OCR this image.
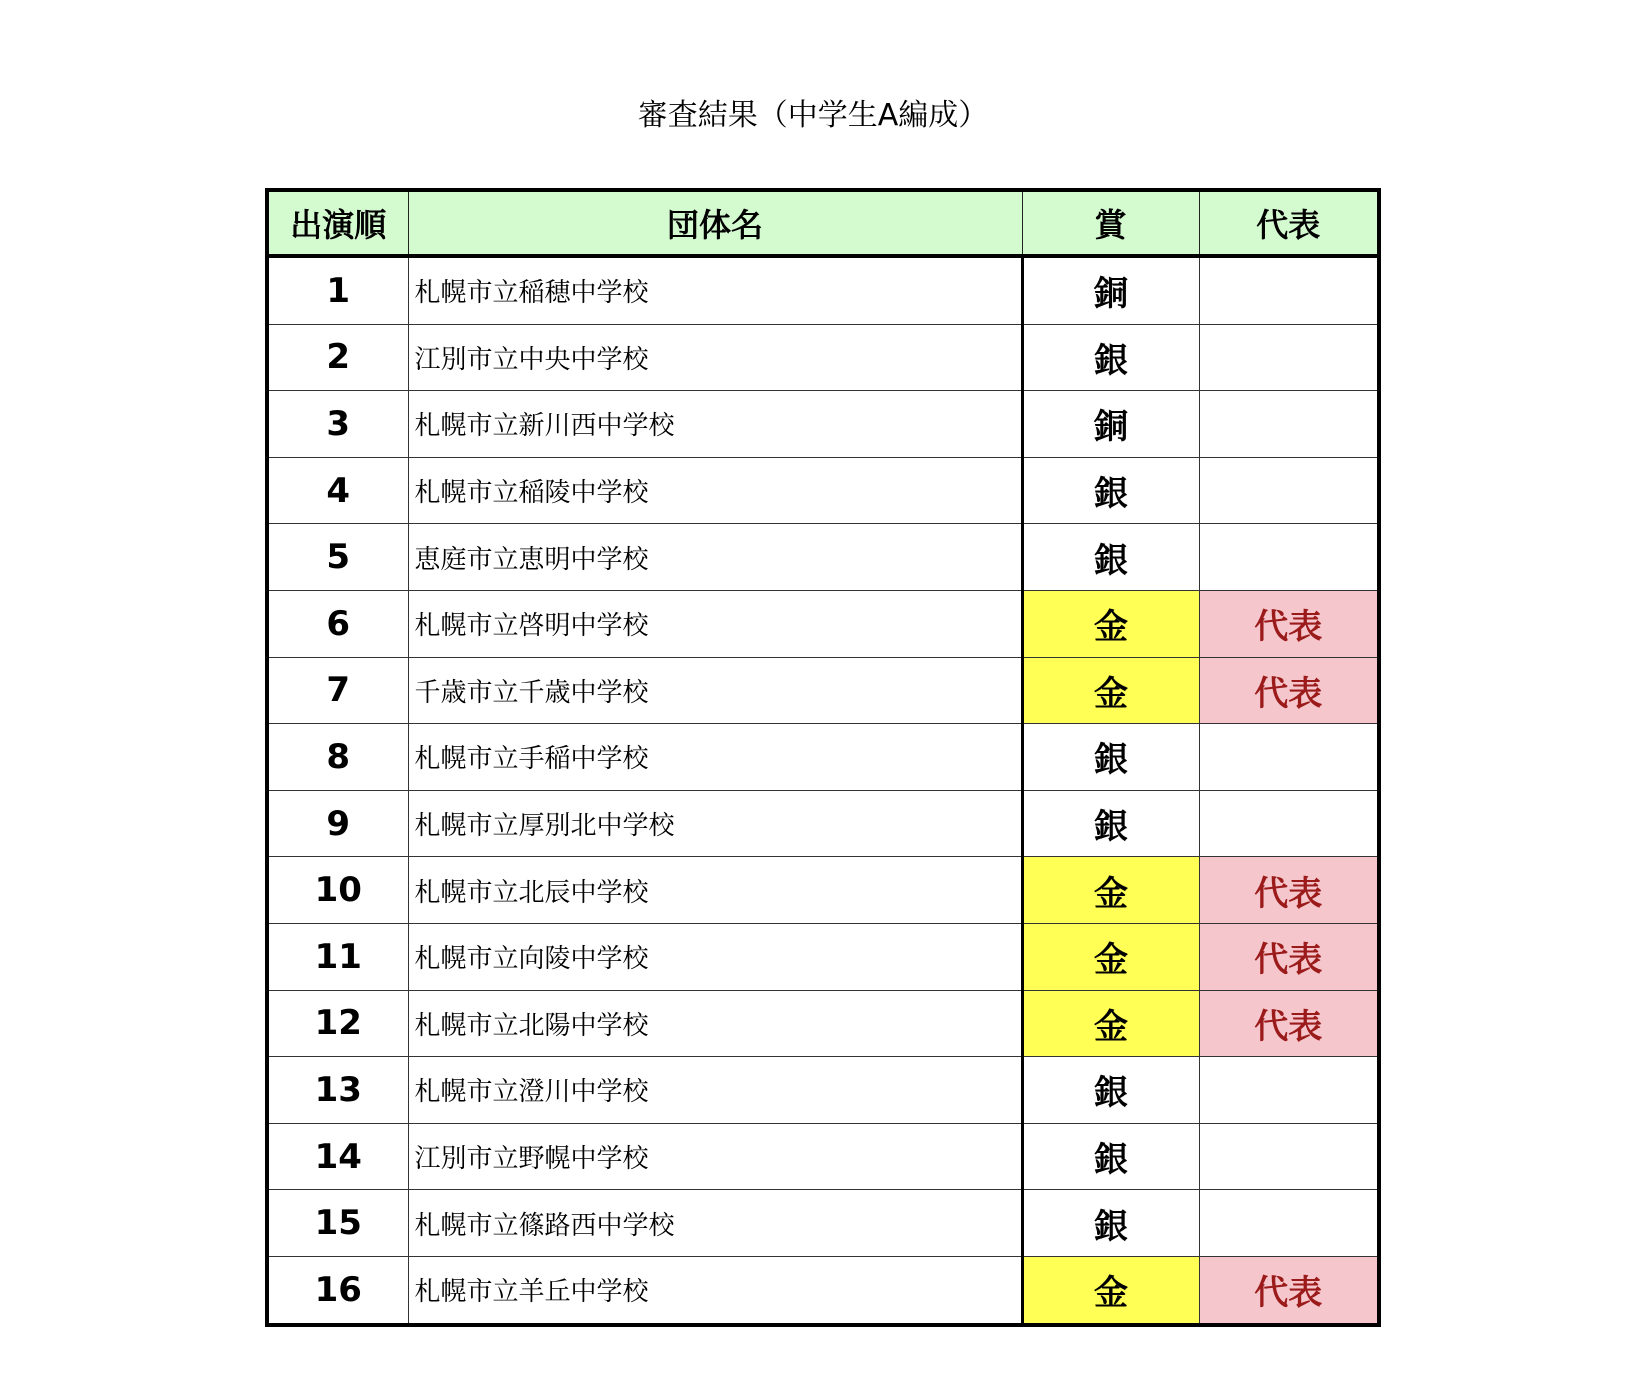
審査結果（中学生A編成）
出演順	団体名	賞	代表
1	札幌市立稲穂中学校	銅	
2	江別市立中央中学校	銀	
3	札幌市立新川西中学校	銅	
4	札幌市立稲陵中学校	銀	
5	恵庭市立恵明中学校	銀	
6	札幌市立啓明中学校	金	代表
7	千歳市立千歳中学校	金	代表
8	札幌市立手稲中学校	銀	
9	札幌市立厚別北中学校	銀	
10	札幌市立北辰中学校	金	代表
11	札幌市立向陵中学校	金	代表
12	札幌市立北陽中学校	金	代表
13	札幌市立澄川中学校	銀	
14	江別市立野幌中学校	銀	
15	札幌市立篠路西中学校	銀	
16	札幌市立羊丘中学校	金	代表
